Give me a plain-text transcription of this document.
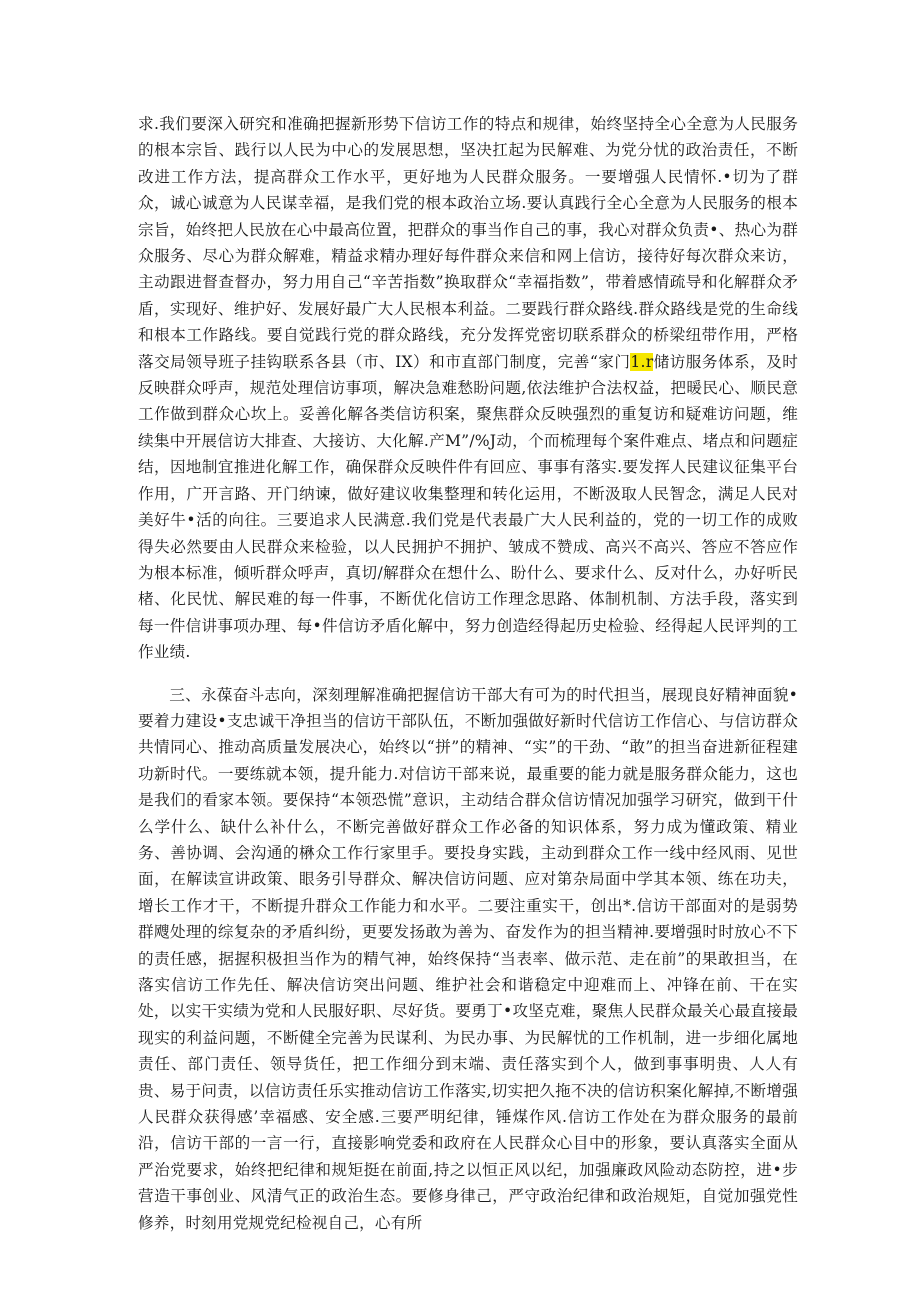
求.我们要深入研究和准确把握新形势下信访工作的特点和规律，始终坚持全心全意为人民服务的根本宗旨、践行以人民为中心的发展思想，坚决扛起为民解难、为党分忧的政治责任，不断改进工作方法，提高群众工作水平，更好地为人民群众服务。一要增强人民情怀.•切为了群众，诚心诚意为人民谋幸福，是我们党的根本政治立场.要认真践行全心全意为人民服务的根本宗旨，始终把人民放在心中最高位置，把群众的事当作自己的事，我心对群众负责•、热心为群众服务、尽心为群众解难，精益求精办理好每件群众来信和网上信访，接待好每次群众来访，主动跟进督查督办，努力用自己“辛苦指数”换取群众“幸福指数”，带着感情疏导和化解群众矛盾，实现好、维护好、发展好最广大人民根本利益。二要践行群众路线.群众路线是党的生命线和根本工作路线。要自觉践行党的群众路线，充分发挥党密切联系群众的桥梁纽带作用，严格落交局领导班子挂钩联系各县（市、IX）和市直部门制度，完善“家门1.r储访服务体系，及时反映群众呼声，规范处理信访事项，解决急难愁盼问题,依法维护合法权益，把暖民心、顺民意工作做到群众心坎上。妥善化解各类信访积案，聚焦群众反映强烈的重复访和疑难访问题，维续集中开展信访大排查、大接访、大化解.产M”/%J动，个而梳理每个案件难点、堵点和问题症结，因地制宜推进化解工作，确保群众反映件件有回应、事事有落实.要发挥人民建议征集平台作用，广开言路、开门纳谏，做好建议收集整理和转化运用，不断汲取人民智念，满足人民对美好牛•活的向往。三要追求人民满意.我们党是代表最广大人民利益的，党的一切工作的成败得失必然要由人民群众来检验，以人民拥护不拥护、皱成不赞成、高兴不高兴、答应不答应作为根本标准，倾听群众呼声，真切/解群众在想什么、盼什么、要求什么、反对什么，办好听民楮、化民忧、解民难的每一件事，不断优化信访工作理念思路、体制机制、方法手段，落实到每一件信讲事项办理、每•件信访矛盾化解中，努力创造经得起历史检验、经得起人民评判的工作业绩.

三、永葆奋斗志向，深刻理解准确把握信访干部大有可为的时代担当，展现良好精神面貌•要着力建设•支忠诚干净担当的信访干部队伍，不断加强做好新时代信访工作信心、与信访群众共情同心、推动高质量发展决心，始终以“拼”的精神、“实”的干劲、“敢”的担当奋进新征程建功新时代。一要练就本领，提升能力.对信访干部来说，最重要的能力就是服务群众能力，这也是我们的看家本领。要保持“本领恐慌”意识，主动结合群众信访情况加强学习研究，做到干什么学什么、缺什么补什么，不断完善做好群众工作必备的知识体系，努力成为懂政策、精业务、善协调、会沟通的楙众工作行家里手。要投身实践，主动到群众工作一线中经风雨、见世面，在解读宣讲政策、眼务引导群众、解决信访问题、应对第杂局面中学其本领、练在功夫，增长工作才干，不断提升群众工作能力和水平。二要注重实干，创出*.信访干部面对的是弱势群飕处理的综复杂的矛盾纠纷，更要发扬敢为善为、奋发作为的担当精神.要增强时时放心不下的责任感，据握积极担当作为的精气神，始终保持“当表率、做示范、走在前”的果敢担当，在落实信访工作先任、解决信访突出问题、维护社会和谐稳定中迎难而上、冲锋在前、干在实处，以实干实绩为党和人民服好职、尽好货。要勇丁•攻坚克难，聚焦人民群众最关心最直接最现实的利益问题，不断健全完善为民谋利、为民办事、为民解忧的工作机制，进一步细化属地责任、部门责任、领导货任，把工作细分到末端、责任落实到个人，做到事事明贵、人人有贵、易于问责，以信访责任乐实推动信访工作落实,切实把久拖不决的信访积案化解掉,不断增强人民群众获得感’幸福感、安全感.三要严明纪律，锤煤作风.信访工作处在为群众服务的最前沿，信访干部的一言一行，直接影响党委和政府在人民群众心目中的形象，要认真落实全面从严治党要求，始终把纪律和规矩挺在前面,持之以恒正风以纪，加强廉政风险动态防控，进•步营造干事创业、风清气正的政治生态。要修身律己，严守政治纪律和政治规矩，自觉加强党性修养，时刻用党规党纪检视自己，心有所
